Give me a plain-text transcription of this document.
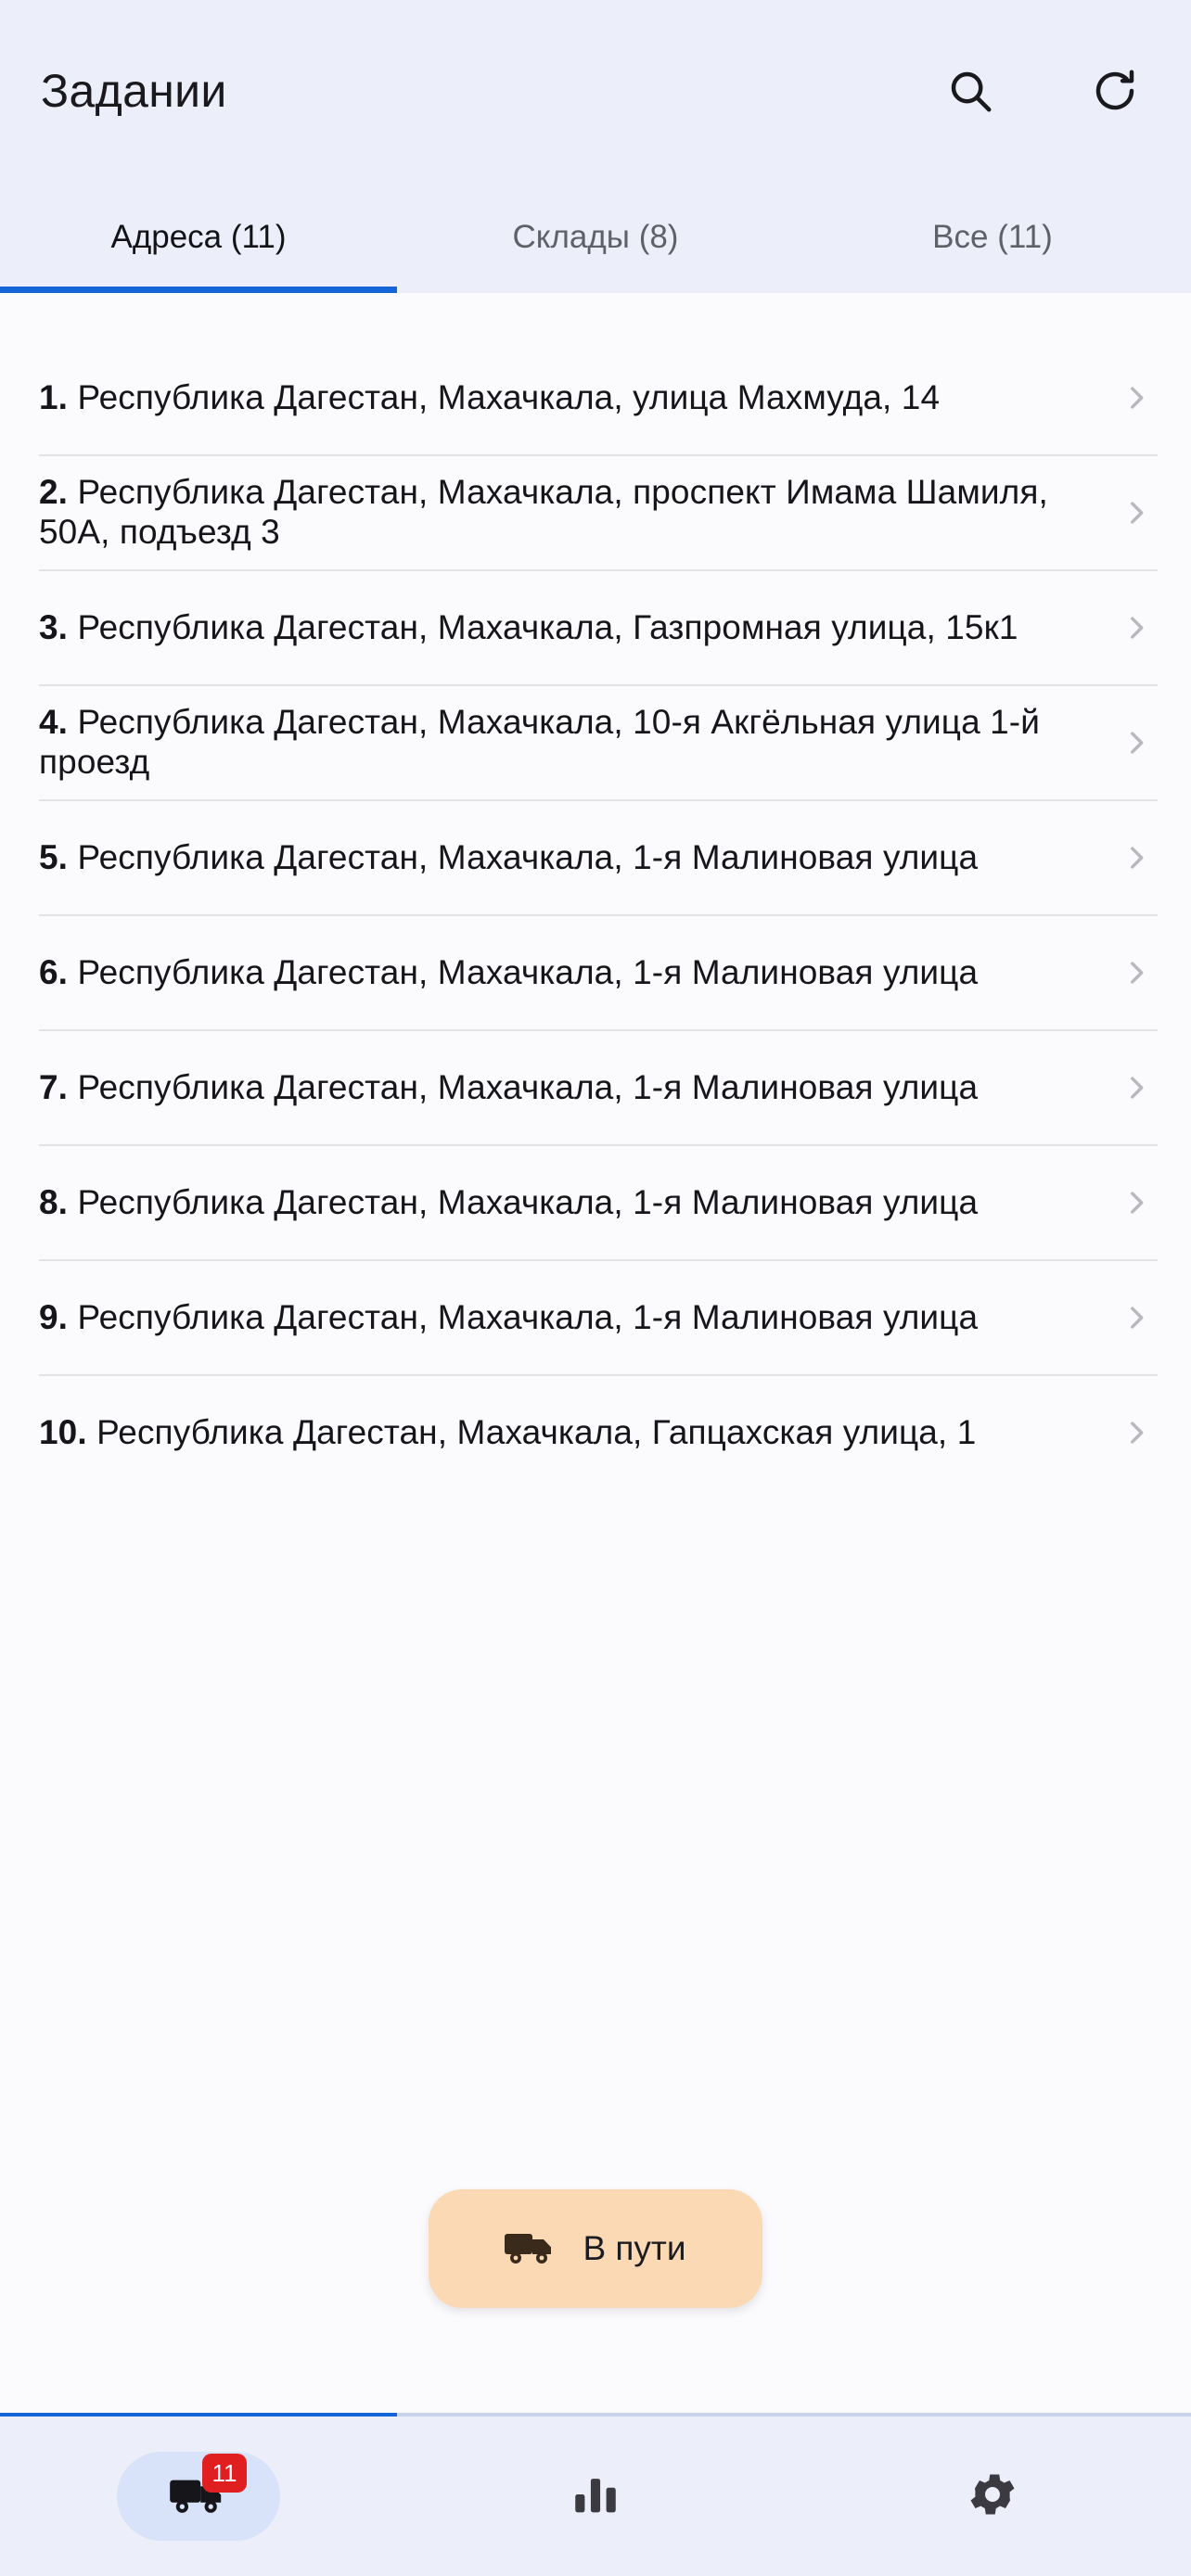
Задании
Адреса (11)	Склады (8)	Все (11)
1. Республика Дагестан, Махачкала, улица Махмуда, 14
2. Республика Дагестан, Махачкала, проспект Имама Шамиля, 50А, подъезд 3
3. Республика Дагестан, Махачкала, Газпромная улица, 15к1
4. Республика Дагестан, Махачкала, 10-я Акгёльная улица 1-й проезд
5. Республика Дагестан, Махачкала, 1-я Малиновая улица
6. Республика Дагестан, Махачкала, 1-я Малиновая улица
7. Республика Дагестан, Махачкала, 1-я Малиновая улица
8. Республика Дагестан, Махачкала, 1-я Малиновая улица
9. Республика Дагестан, Махачкала, 1-я Малиновая улица
10. Республика Дагестан, Махачкала, Гапцахская улица, 1
В пути
11
